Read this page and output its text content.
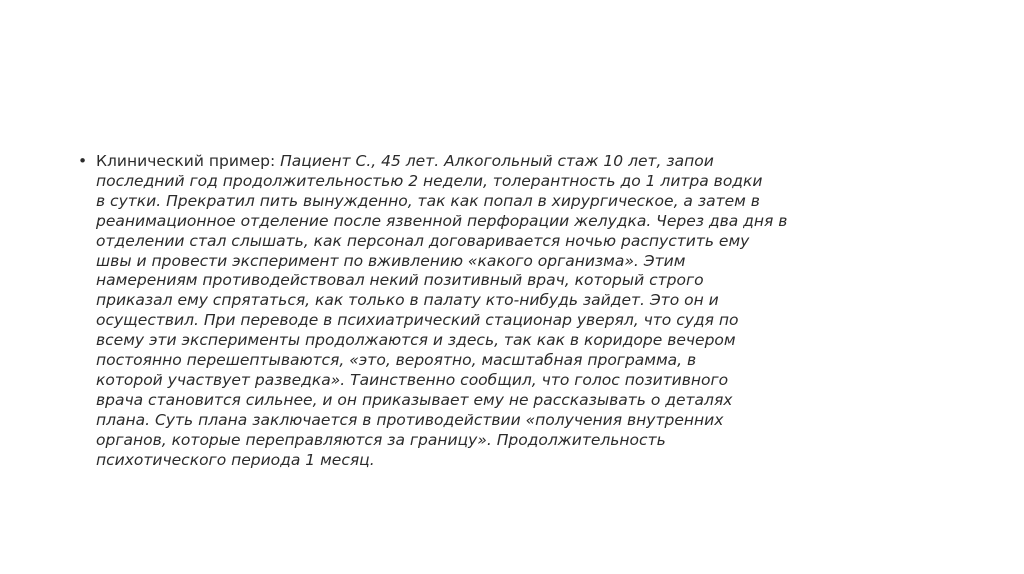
• Клинический пример: Пациент С., 45 лет. Алкогольный стаж 10 лет, запои
последний год продолжительностью 2 недели, толерантность до 1 литра водки
в сутки. Прекратил пить вынужденно, так как попал в хирургическое, а затем в
реанимационное отделение после язвенной перфорации желудка. Через два дня в
отделении стал слышать, как персонал договаривается ночью распустить ему
швы и провести эксперимент по вживлению «какого организма». Этим
намерениям противодействовал некий позитивный врач, который строго
приказал ему спрятаться, как только в палату кто-нибудь зайдет. Это он и
осуществил. При переводе в психиатрический стационар уверял, что судя по
всему эти эксперименты продолжаются и здесь, так как в коридоре вечером
постоянно перешептываются, «это, вероятно, масштабная программа, в
которой участвует разведка». Таинственно сообщил, что голос позитивного
врача становится сильнее, и он приказывает ему не рассказывать о деталях
плана. Суть плана заключается в противодействии «получения внутренних
органов, которые переправляются за границу». Продолжительность
психотического периода 1 месяц.
